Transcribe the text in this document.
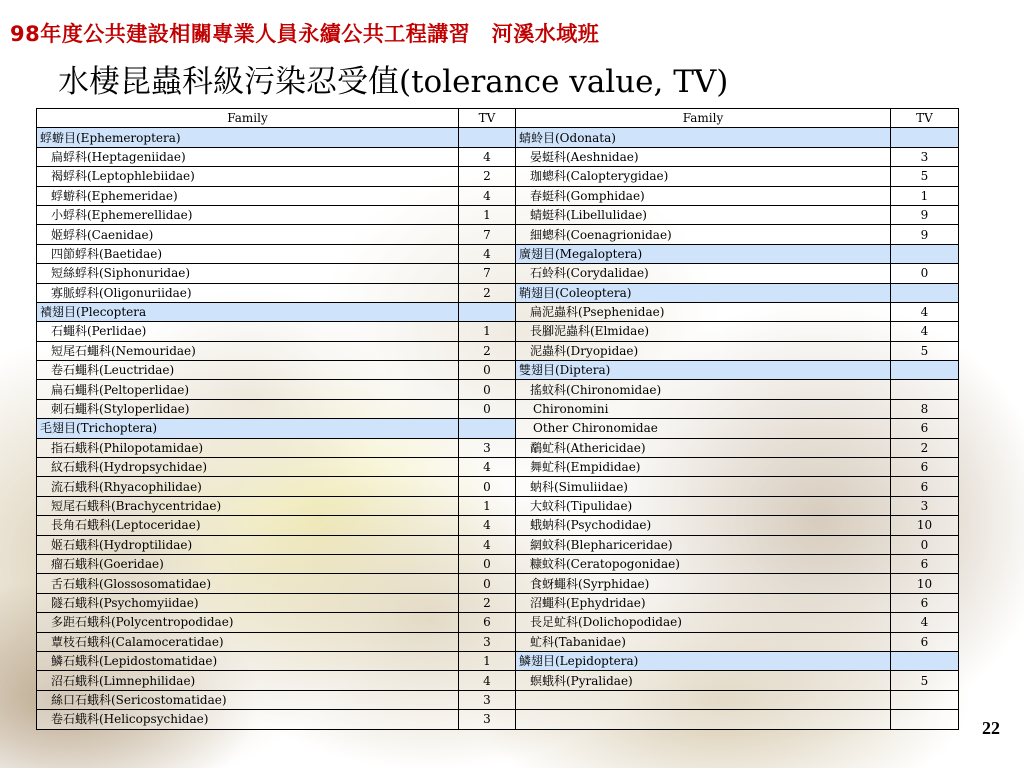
98年度公共建設相關專業人員永續公共工程講習　河溪水域班
水棲昆蟲科級污染忍受值(tolerance value, TV)
Family	TV	Family	TV
蜉蝣目(Ephemeroptera)		蜻蛉目(Odonata)	
扁蜉科(Heptageniidae)	4	晏蜓科(Aeshnidae)	3
褐蜉科(Leptophlebiidae)	2	珈蟌科(Calopterygidae)	5
蜉蝣科(Ephemeridae)	4	春蜓科(Gomphidae)	1
小蜉科(Ephemerellidae)	1	蜻蜓科(Libellulidae)	9
姬蜉科(Caenidae)	7	細蟌科(Coenagrionidae)	9
四節蜉科(Baetidae)	4	廣翅目(Megaloptera)	
短絲蜉科(Siphonuridae)	7	石蛉科(Corydalidae)	0
寡脈蜉科(Oligonuriidae)	2	鞘翅目(Coleoptera)	
襀翅目(Plecoptera		扁泥蟲科(Psephenidae)	4
石蠅科(Perlidae)	1	長腳泥蟲科(Elmidae)	4
短尾石蠅科(Nemouridae)	2	泥蟲科(Dryopidae)	5
卷石蠅科(Leuctridae)	0	雙翅目(Diptera)	
扁石蠅科(Peltoperlidae)	0	搖蚊科(Chironomidae)	
刺石蠅科(Styloperlidae)	0	Chironomini	8
毛翅目(Trichoptera)		Other Chironomidae	6
指石蛾科(Philopotamidae)	3	鷸虻科(Athericidae)	2
紋石蛾科(Hydropsychidae)	4	舞虻科(Empididae)	6
流石蛾科(Rhyacophilidae)	0	蚋科(Simuliidae)	6
短尾石蛾科(Brachycentridae)	1	大蚊科(Tipulidae)	3
長角石蛾科(Leptoceridae)	4	蛾蚋科(Psychodidae)	10
姬石蛾科(Hydroptilidae)	4	網蚊科(Blephariceridae)	0
瘤石蛾科(Goeridae)	0	糠蚊科(Ceratopogonidae)	6
舌石蛾科(Glossosomatidae)	0	食蚜蠅科(Syrphidae)	10
隧石蛾科(Psychomyiidae)	2	沼蠅科(Ephydridae)	6
多距石蛾科(Polycentropodidae)	6	長足虻科(Dolichopodidae)	4
蕈枝石蛾科(Calamoceratidae)	3	虻科(Tabanidae)	6
鱗石蛾科(Lepidostomatidae)	1	鱗翅目(Lepidoptera)	
沼石蛾科(Limnephilidae)	4	螟蛾科(Pyralidae)	5
絲口石蛾科(Sericostomatidae)	3		
卷石蛾科(Helicopsychidae)	3			22
